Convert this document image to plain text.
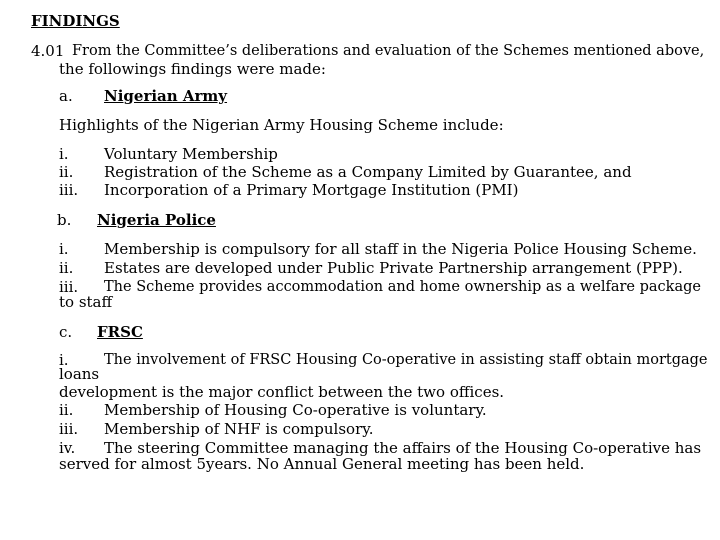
FINDINGS
4.01 From the Committee’s deliberations and evaluation of the Schemes mentioned above,
the followings findings were made:
a. Nigerian Army
Highlights of the Nigerian Army Housing Scheme include:
i. Voluntary Membership
ii. Registration of the Scheme as a Company Limited by Guarantee, and
iii. Incorporation of a Primary Mortgage Institution (PMI)
b. Nigeria Police
i. Membership is compulsory for all staff in the Nigeria Police Housing Scheme.
ii. Estates are developed under Public Private Partnership arrangement (PPP).
iii. The Scheme provides accommodation and home ownership as a welfare package
to staff
c. FRSC
i. The involvement of FRSC Housing Co-operative in assisting staff obtain mortgage
loans
development is the major conflict between the two offices.
ii. Membership of Housing Co-operative is voluntary.
iii. Membership of NHF is compulsory.
iv. The steering Committee managing the affairs of the Housing Co-operative has
served for almost 5years. No Annual General meeting has been held.
